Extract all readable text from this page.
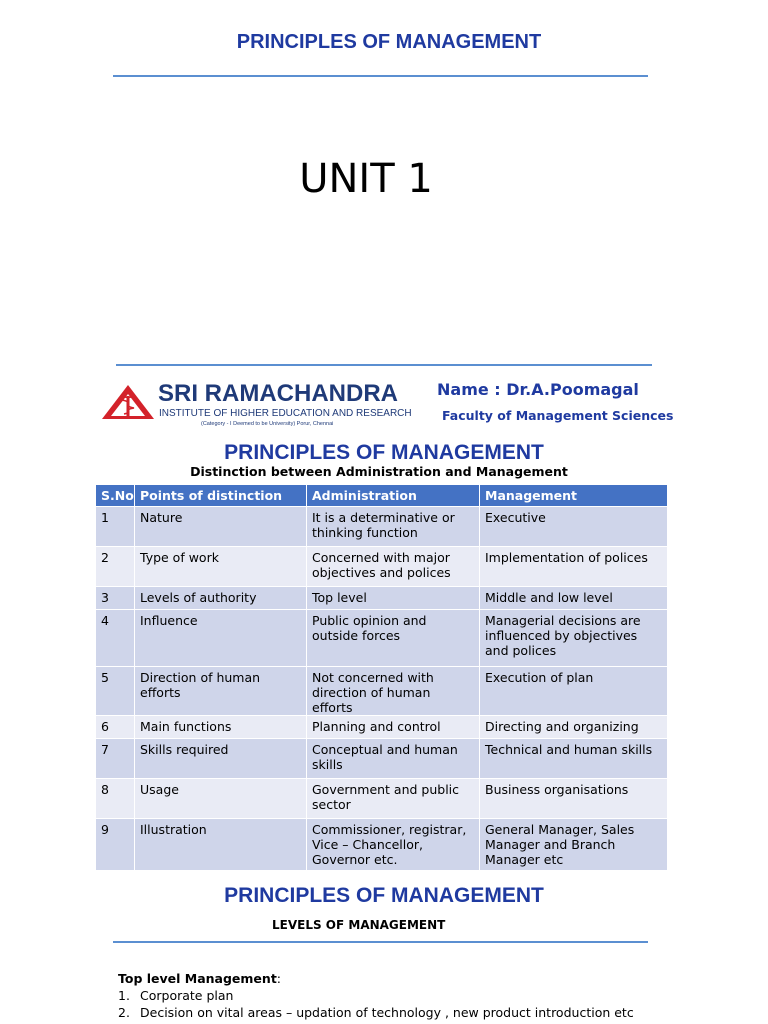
PRINCIPLES OF MANAGEMENT
UNIT 1
SRI RAMACHANDRA
INSTITUTE OF HIGHER EDUCATION AND RESEARCH
(Category - I Deemed to be University) Porur, Chennai
Name : Dr.A.Poomagal
Faculty of Management Sciences
PRINCIPLES OF MANAGEMENT
Distinction between Administration and Management
S.No	Points of distinction	Administration	Management
1	Nature	It is a determinative or thinking function	Executive
2	Type of work	Concerned with major objectives and polices	Implementation of polices
3	Levels of authority	Top level	Middle and low level
4	Influence	Public opinion and outside forces	Managerial decisions are influenced by objectives and polices
5	Direction of human efforts	Not concerned with direction of human efforts	Execution of plan
6	Main functions	Planning and control	Directing and organizing
7	Skills required	Conceptual and human skills	Technical and human skills
8	Usage	Government and public sector	Business organisations
9	Illustration	Commissioner, registrar, Vice – Chancellor, Governor etc.	General Manager, Sales Manager and Branch Manager etc
PRINCIPLES OF MANAGEMENT
LEVELS OF MANAGEMENT
Top level Management:
1. Corporate plan
2. Decision on vital areas – updation of technology , new product introduction etc
